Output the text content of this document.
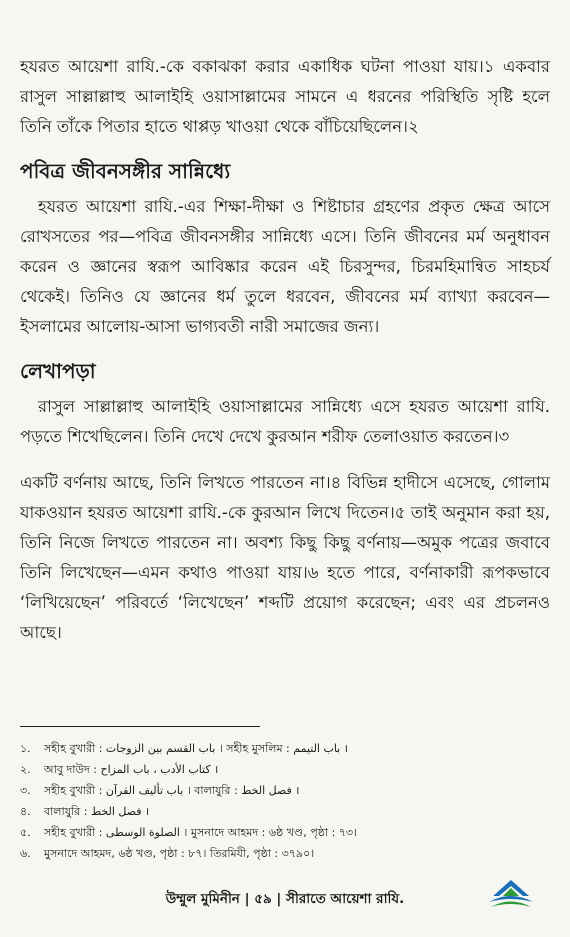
হযরত আয়েশা রাযি.-কে বকাঝকা করার একাধিক ঘটনা পাওয়া যায়।১ একবার রাসুল সাল্লাল্লাহু আলাইহি ওয়াসাল্লামের সামনে এ ধরনের পরিস্থিতি সৃষ্টি হলে তিনি তাঁকে পিতার হাতে থাপ্পড় খাওয়া থেকে বাঁচিয়েছিলেন।২

পবিত্র জীবনসঙ্গীর সান্নিধ্যে

হযরত আয়েশা রাযি.-এর শিক্ষা-দীক্ষা ও শিষ্টাচার গ্রহণের প্রকৃত ক্ষেত্র আসে রোখসতের পর—পবিত্র জীবনসঙ্গীর সান্নিধ্যে এসে। তিনি জীবনের মর্ম অনুধাবন করেন ও জ্ঞানের স্বরূপ আবিষ্কার করেন এই চিরসুন্দর, চিরমহিমান্বিত সাহচর্য থেকেই। তিনিও যে জ্ঞানের ধর্ম তুলে ধরবেন, জীবনের মর্ম ব্যাখ্যা করবেন—ইসলামের আলোয়-আসা ভাগ্যবতী নারী সমাজের জন্য।

লেখাপড়া

রাসুল সাল্লাল্লাহু আলাইহি ওয়াসাল্লামের সান্নিধ্যে এসে হযরত আয়েশা রাযি. পড়তে শিখেছিলেন। তিনি দেখে দেখে কুরআন শরীফ তেলাওয়াত করতেন।৩

একটি বর্ণনায় আছে, তিনি লিখতে পারতেন না।৪ বিভিন্ন হাদীসে এসেছে, গোলাম যাকওয়ান হযরত আয়েশা রাযি.-কে কুরআন লিখে দিতেন।৫ তাই অনুমান করা হয়, তিনি নিজে লিখতে পারতেন না। অবশ্য কিছু কিছু বর্ণনায়—অমুক পত্রের জবাবে তিনি লিখেছেন—এমন কথাও পাওয়া যায়।৬ হতে পারে, বর্ণনাকারী রূপকভাবে ‘লিখিয়েছেন’ পরিবর্তে ‘লিখেছেন’ শব্দটি প্রয়োগ করেছেন; এবং এর প্রচলনও আছে।

১.	সহীহ বুখারী : باب القسم بين الزوجات । সহীহ মুসলিম : باب التيمم ।
২.	আবু দাউদ : كتاب الأدب ، باب المزاح ।
৩.	সহীহ বুখারী : باب تأليف القرآن । বালাযুরি : فصل الخط ।
৪.	বালাযুরি : فصل الخط ।
৫.	সহীহ বুখারী : الصلوة الوسطى । মুসনাদে আহমদ : ৬ষ্ঠ খণ্ড, পৃষ্ঠা : ৭৩।
৬.	মুসনাদে আহমদ, ৬ষ্ঠ খণ্ড, পৃষ্ঠা : ৮৭। তিরমিযী, পৃষ্ঠা : ৩৭৯০।
উম্মুল মুমিনীন | ৫৯ | সীরাতে আয়েশা রাযি.
